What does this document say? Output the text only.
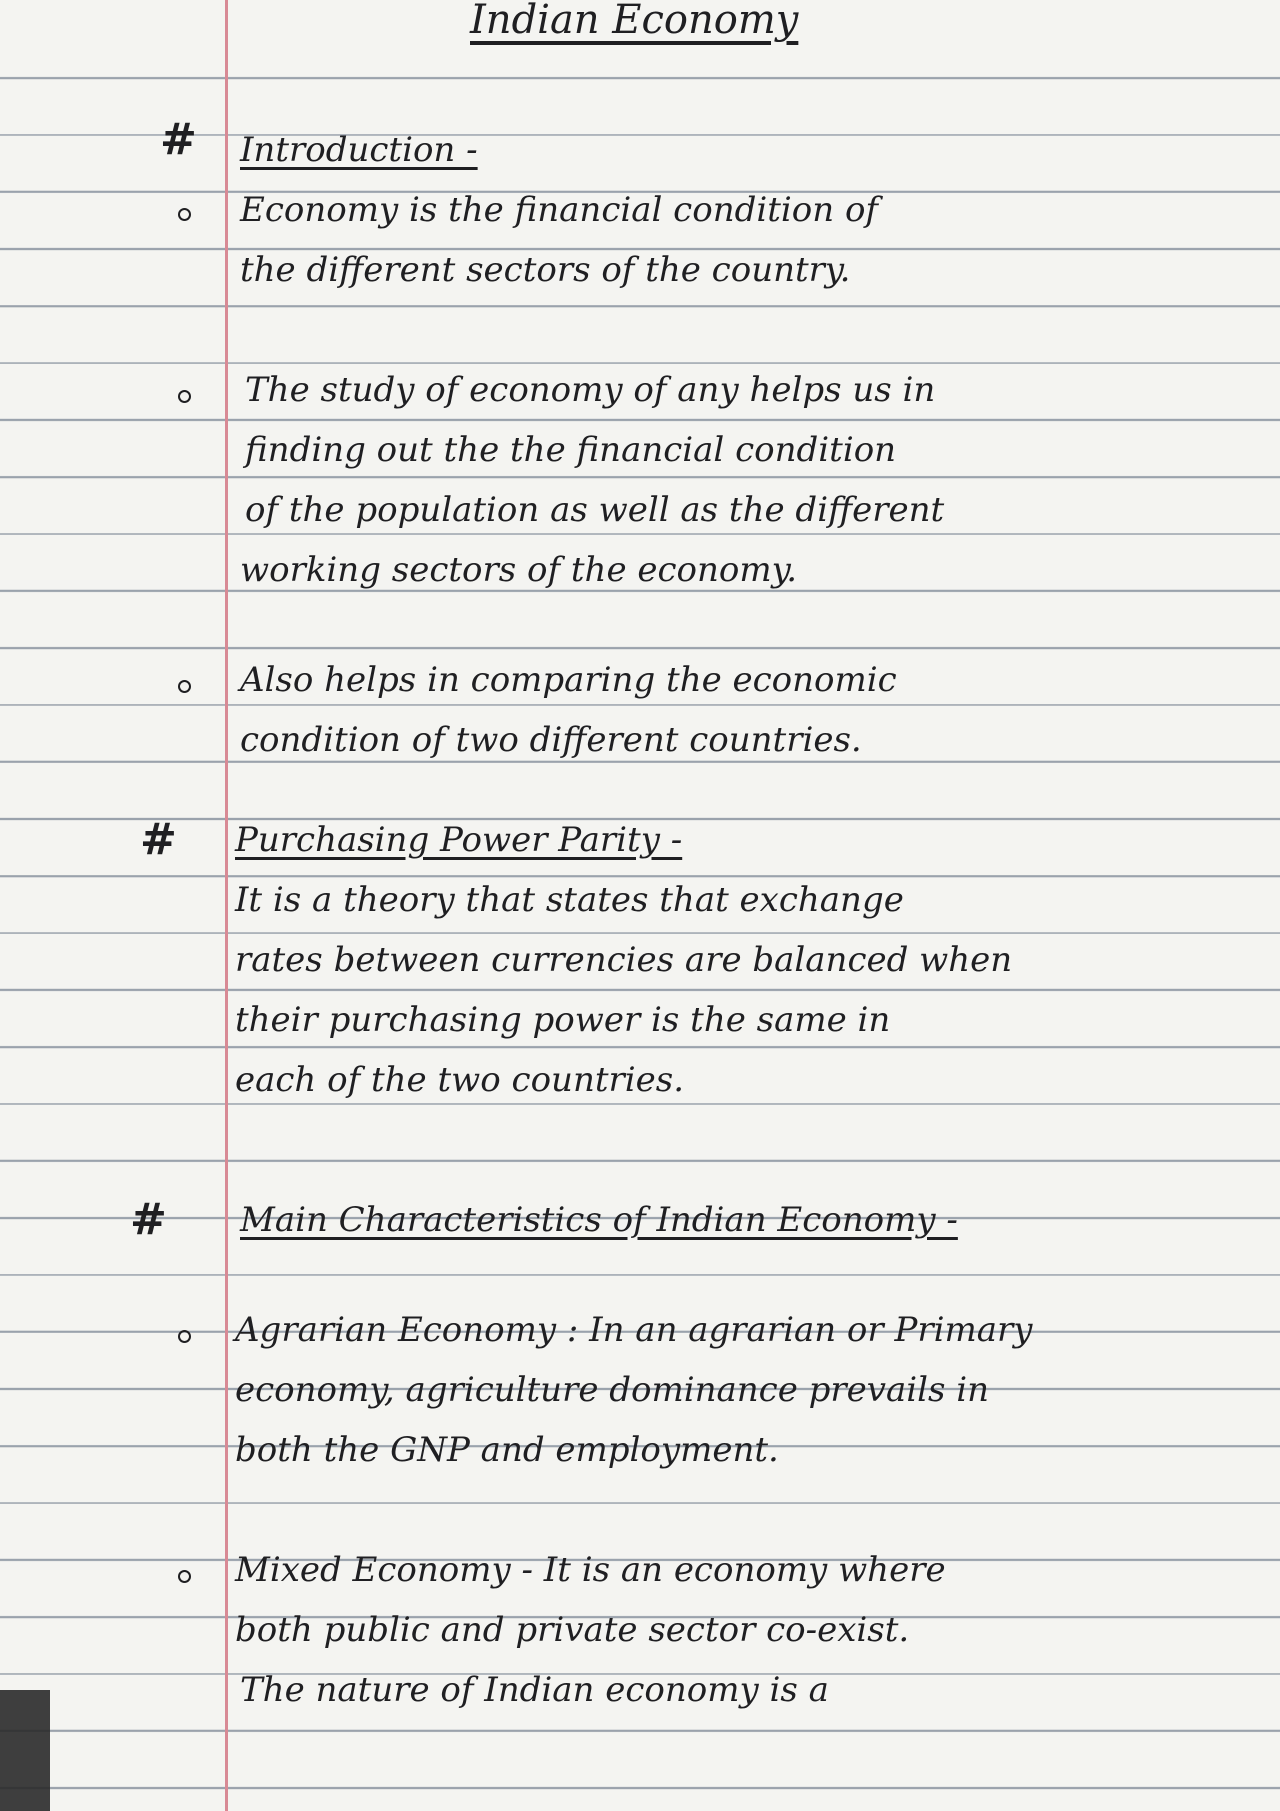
Indian Economy
# Introduction -
Economy is the financial condition of
the different sectors of the country.
The study of economy of any helps us in
finding out the the financial condition
of the population as well as the different
working sectors of the economy.
Also helps in comparing the economic
condition of two different countries.
# Purchasing Power Parity -
It is a theory that states that exchange
rates between currencies are balanced when
their purchasing power is the same in
each of the two countries.
# Main Characteristics of Indian Economy -
Agrarian Economy : In an agrarian or Primary
economy, agriculture dominance prevails in
both the GNP and employment.
Mixed Economy - It is an economy where
both public and private sector co-exist.
The nature of Indian economy is a
